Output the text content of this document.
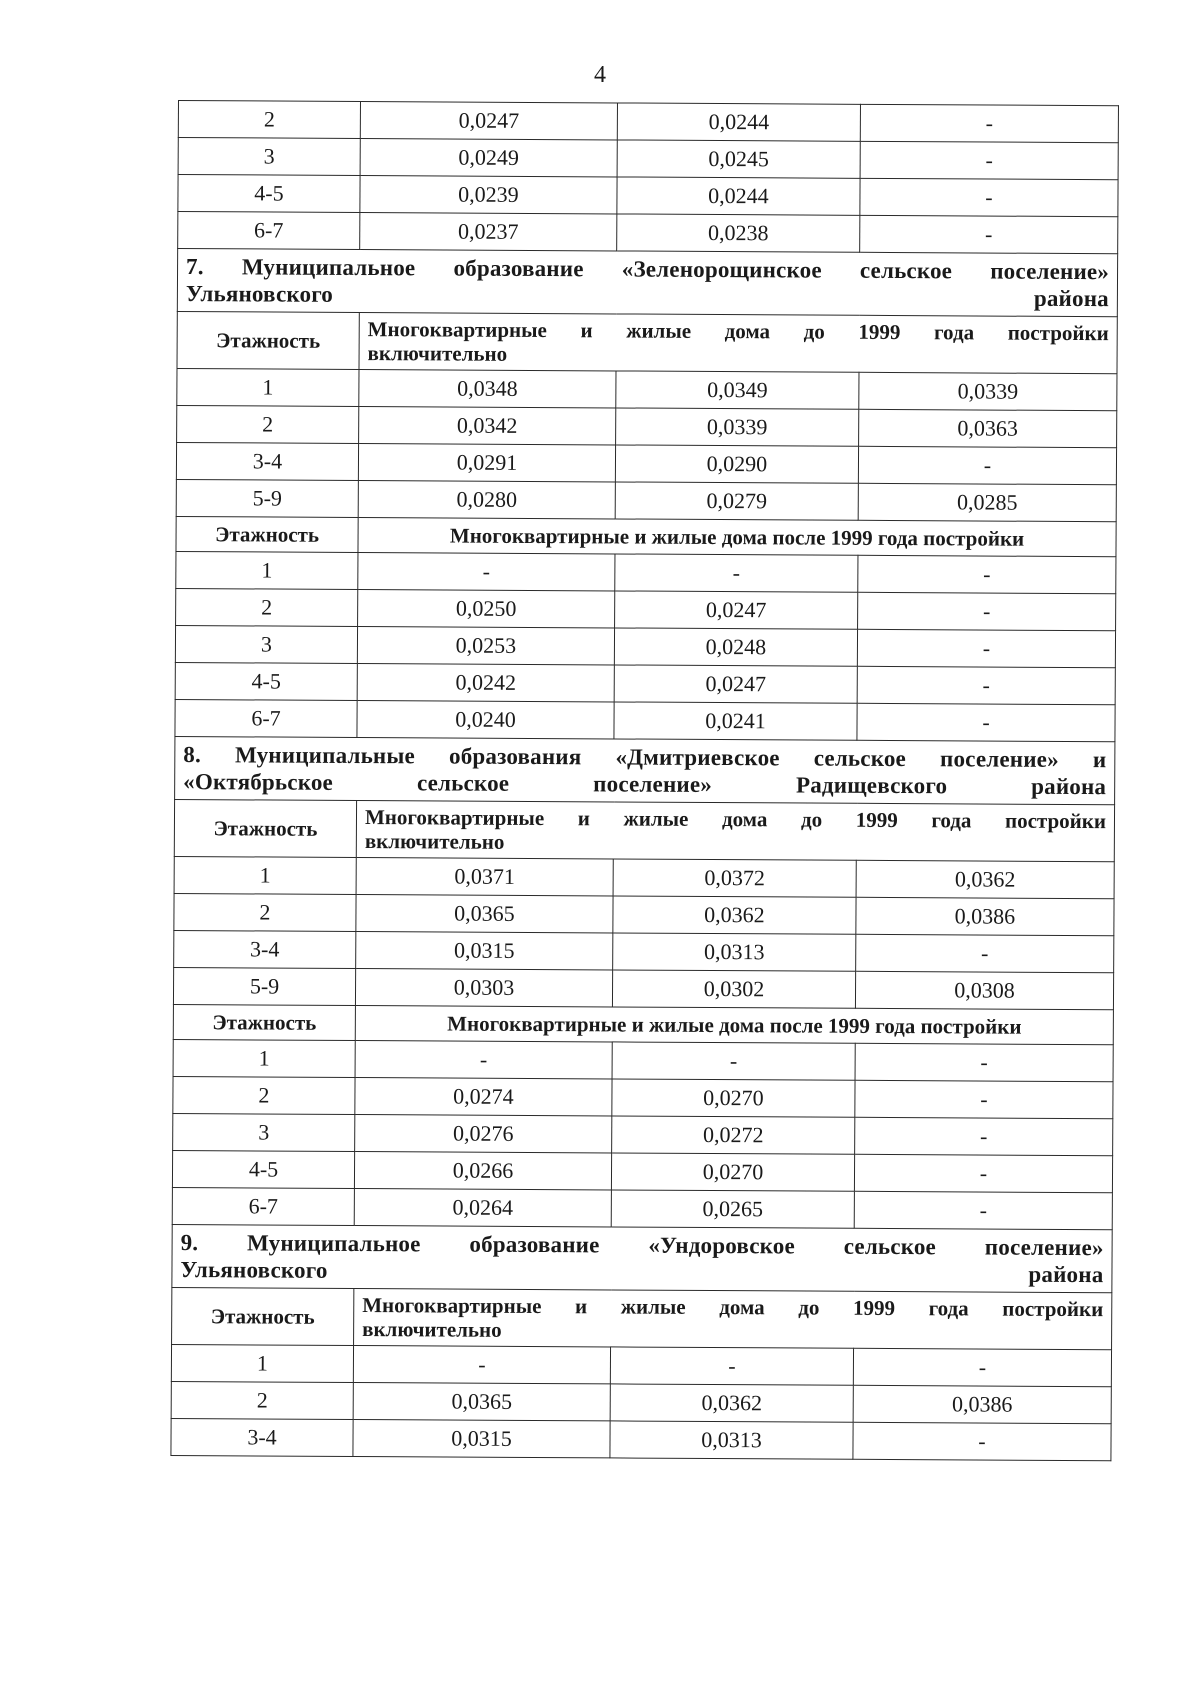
4
2	0,0247	0,0244	-
3	0,0249	0,0245	-
4-5	0,0239	0,0244	-
6-7	0,0237	0,0238	-

7. Муниципальное образование «Зеленорощинское сельское поселение»
Ульяновского района			

Этажность	Многоквартирные и жилые дома до 1999 года постройки
включительно		

1	0,0348	0,0349	0,0339
2	0,0342	0,0339	0,0363
3-4	0,0291	0,0290	-
5-9	0,0280	0,0279	0,0285
Этажность	Многоквартирные и жилые дома после 1999 года постройки		
1	-	-	-
2	0,0250	0,0247	-
3	0,0253	0,0248	-
4-5	0,0242	0,0247	-
6-7	0,0240	0,0241	-

8. Муниципальные образования «Дмитриевское сельское поселение» и
«Октябрьское сельское поселение» Радищевского района			

Этажность	Многоквартирные и жилые дома до 1999 года постройки
включительно		

1	0,0371	0,0372	0,0362
2	0,0365	0,0362	0,0386
3-4	0,0315	0,0313	-
5-9	0,0303	0,0302	0,0308
Этажность	Многоквартирные и жилые дома после 1999 года постройки		
1	-	-	-
2	0,0274	0,0270	-
3	0,0276	0,0272	-
4-5	0,0266	0,0270	-
6-7	0,0264	0,0265	-

9. Муниципальное образование «Ундоровское сельское поселение»
Ульяновского района			

Этажность	Многоквартирные и жилые дома до 1999 года постройки
включительно		

1	-	-	-
2	0,0365	0,0362	0,0386
3-4	0,0315	0,0313	-
